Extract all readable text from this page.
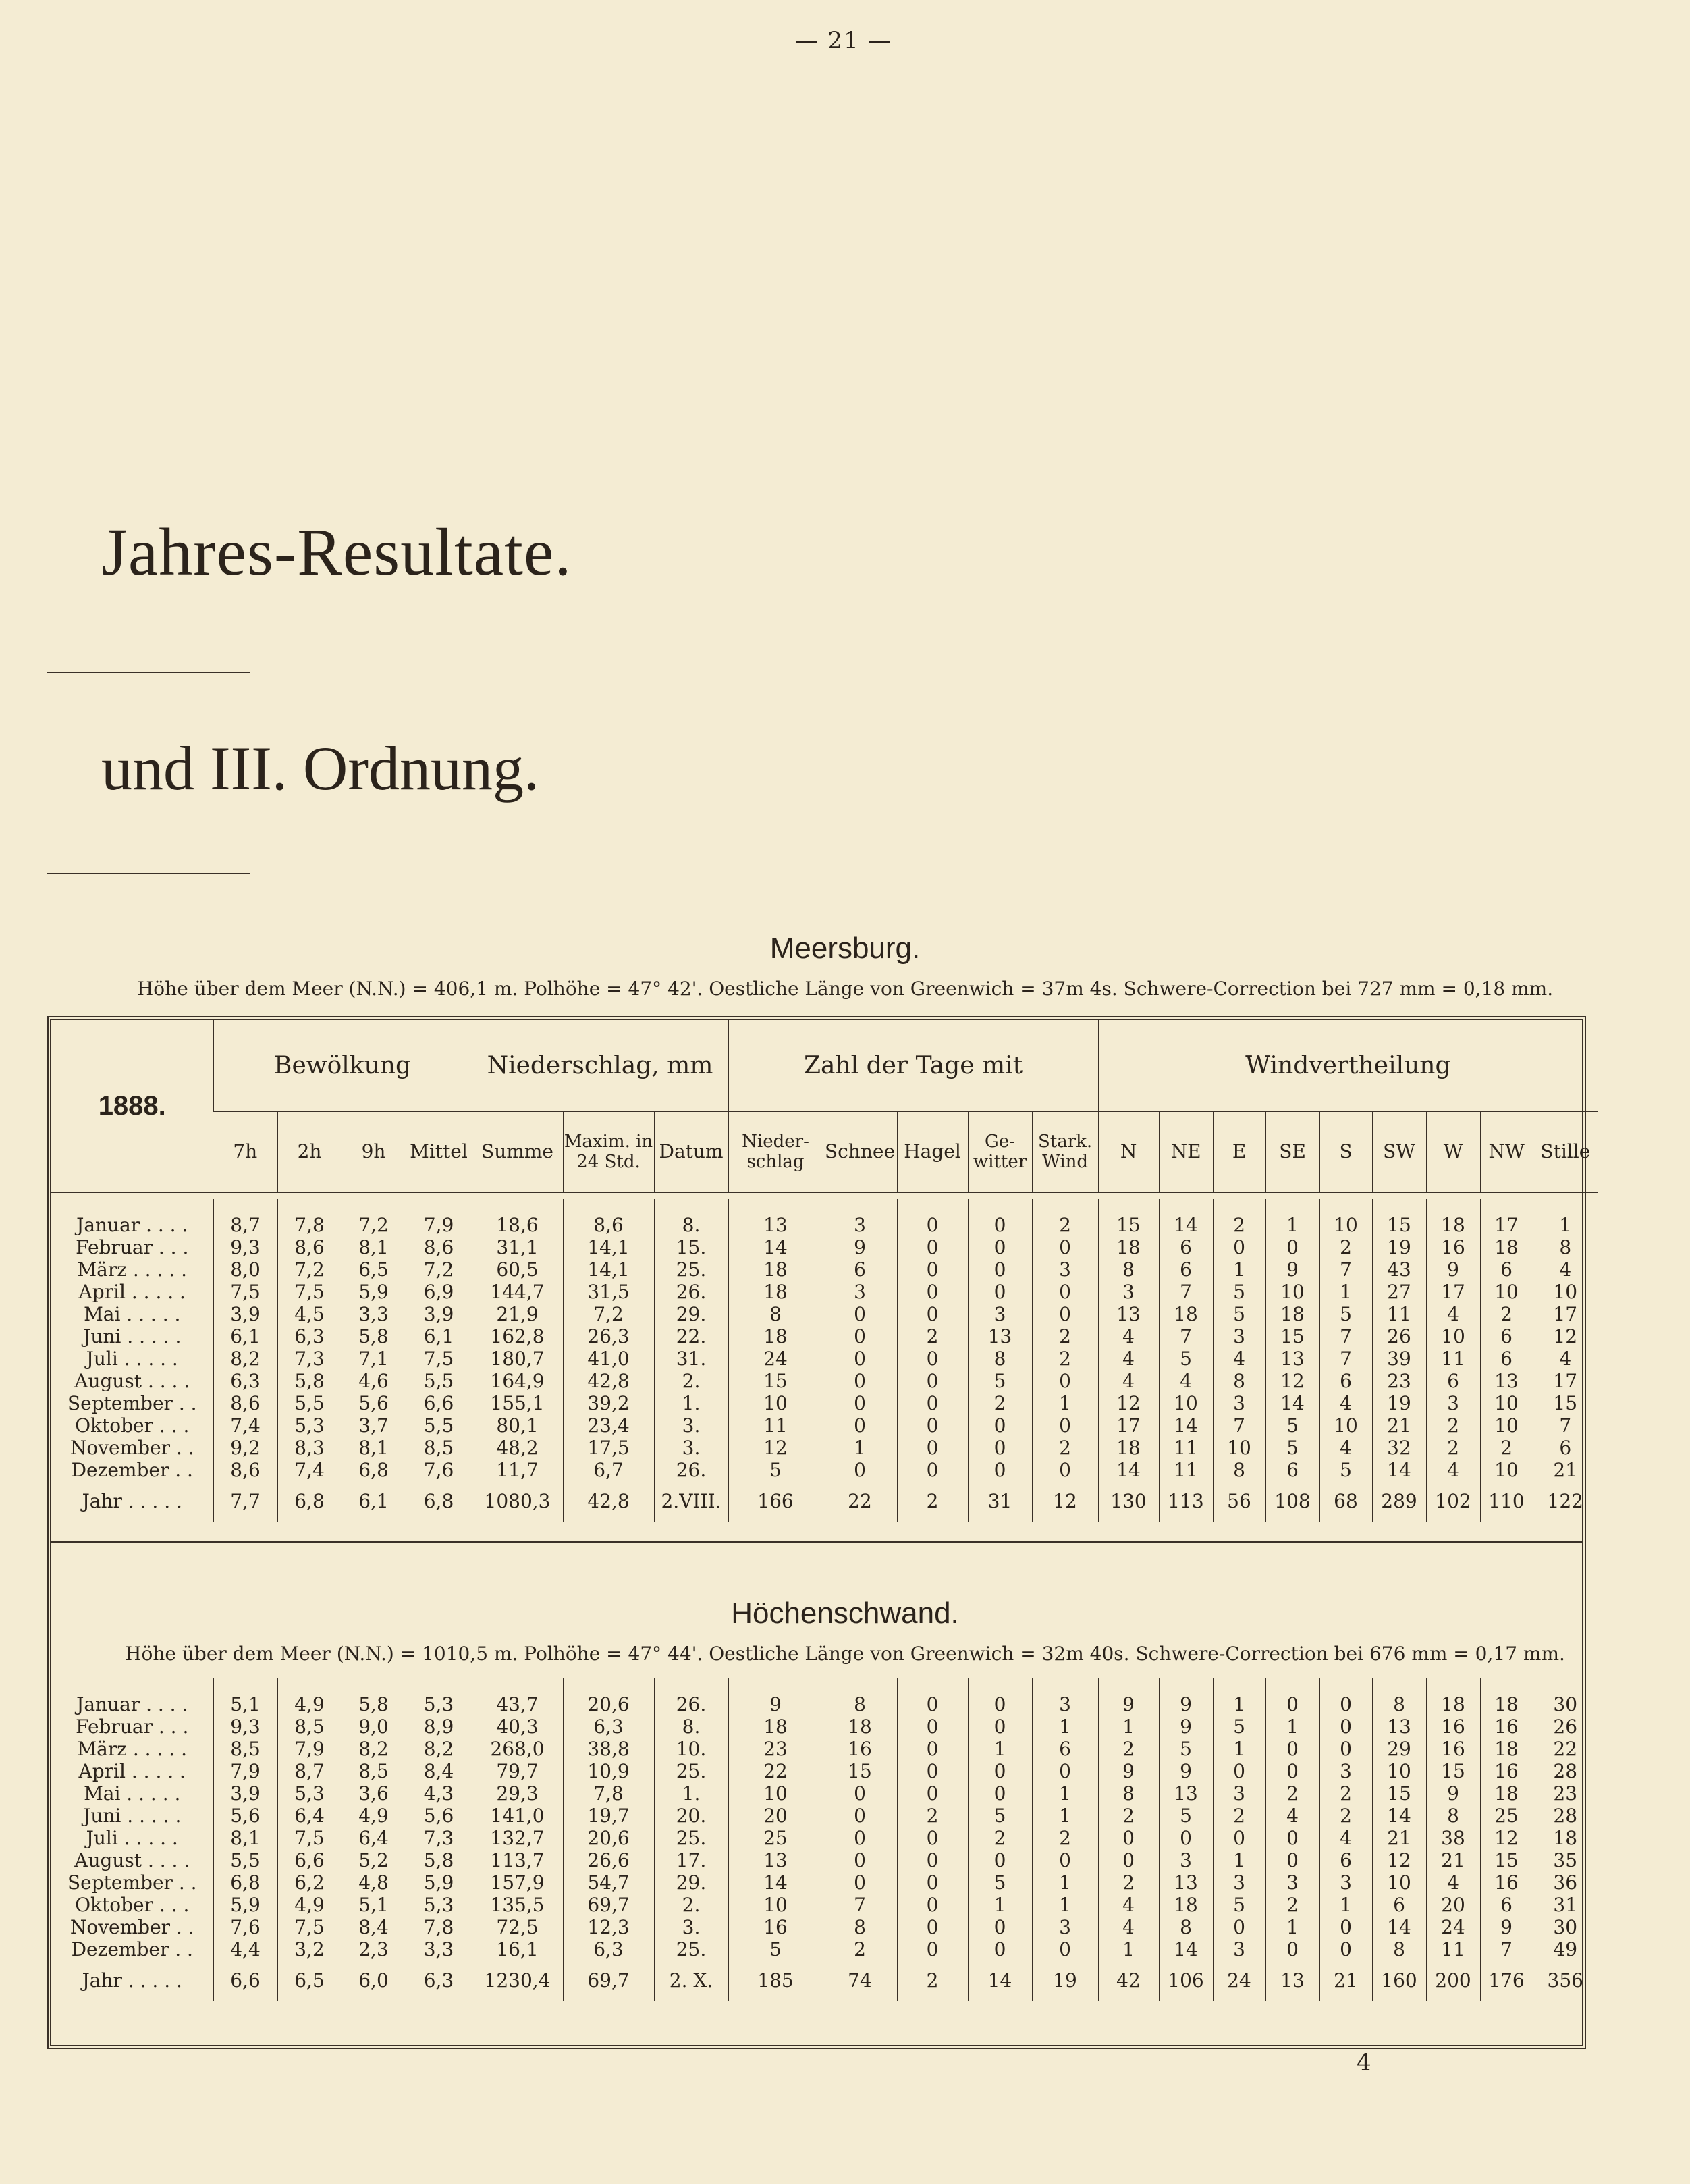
— 21 —
Jahres-Resultate.
und III. Ordnung.
Meersburg.
Höhe über dem Meer (N.N.) = 406,1 m. Polhöhe = 47° 42'. Oestliche Länge von Greenwich = 37m 4s. Schwere-Correction bei 727 mm = 0,18 mm.
1888.	Bewölkung				Niederschlag, mm			Zahl der Tage mit					Windvertheilung								
	7h	2h	9h	Mittel	Summe	Maxim. in 24 Std.	Datum	Nieder-schlag	Schnee	Hagel	Ge-witter	Stark. Wind	N	NE	E	SE	S	SW	W	NW	Stille

Januar . . . .	8,7	7,8	7,2	7,9	18,6	8,6	8.	13	3	0	0	2	15	14	2	1	10	15	18	17	1
Februar . . .	9,3	8,6	8,1	8,6	31,1	14,1	15.	14	9	0	0	0	18	6	0	0	2	19	16	18	8
März . . . . .	8,0	7,2	6,5	7,2	60,5	14,1	25.	18	6	0	0	3	8	6	1	9	7	43	9	6	4
April . . . . .	7,5	7,5	5,9	6,9	144,7	31,5	26.	18	3	0	0	0	3	7	5	10	1	27	17	10	10
Mai . . . . .	3,9	4,5	3,3	3,9	21,9	7,2	29.	8	0	0	3	0	13	18	5	18	5	11	4	2	17
Juni . . . . .	6,1	6,3	5,8	6,1	162,8	26,3	22.	18	0	2	13	2	4	7	3	15	7	26	10	6	12
Juli . . . . .	8,2	7,3	7,1	7,5	180,7	41,0	31.	24	0	0	8	2	4	5	4	13	7	39	11	6	4
August . . . .	6,3	5,8	4,6	5,5	164,9	42,8	2.	15	0	0	5	0	4	4	8	12	6	23	6	13	17
September . .	8,6	5,5	5,6	6,6	155,1	39,2	1.	10	0	0	2	1	12	10	3	14	4	19	3	10	15
Oktober . . .	7,4	5,3	3,7	5,5	80,1	23,4	3.	11	0	0	0	0	17	14	7	5	10	21	2	10	7
November . .	9,2	8,3	8,1	8,5	48,2	17,5	3.	12	1	0	0	2	18	11	10	5	4	32	2	2	6
Dezember . .	8,6	7,4	6,8	7,6	11,7	6,7	26.	5	0	0	0	0	14	11	8	6	5	14	4	10	21
Jahr . . . . .	7,7	6,8	6,1	6,8	1080,3	42,8	2.VIII.	166	22	2	31	12	130	113	56	108	68	289	102	110	122

Januar . . . .	5,1	4,9	5,8	5,3	43,7	20,6	26.	9	8	0	0	3	9	9	1	0	0	8	18	18	30
Februar . . .	9,3	8,5	9,0	8,9	40,3	6,3	8.	18	18	0	0	1	1	9	5	1	0	13	16	16	26
März . . . . .	8,5	7,9	8,2	8,2	268,0	38,8	10.	23	16	0	1	6	2	5	1	0	0	29	16	18	22
April . . . . .	7,9	8,7	8,5	8,4	79,7	10,9	25.	22	15	0	0	0	9	9	0	0	3	10	15	16	28
Mai . . . . .	3,9	5,3	3,6	4,3	29,3	7,8	1.	10	0	0	0	1	8	13	3	2	2	15	9	18	23
Juni . . . . .	5,6	6,4	4,9	5,6	141,0	19,7	20.	20	0	2	5	1	2	5	2	4	2	14	8	25	28
Juli . . . . .	8,1	7,5	6,4	7,3	132,7	20,6	25.	25	0	0	2	2	0	0	0	0	4	21	38	12	18
August . . . .	5,5	6,6	5,2	5,8	113,7	26,6	17.	13	0	0	0	0	0	3	1	0	6	12	21	15	35
September . .	6,8	6,2	4,8	5,9	157,9	54,7	29.	14	0	0	5	1	2	13	3	3	3	10	4	16	36
Oktober . . .	5,9	4,9	5,1	5,3	135,5	69,7	2.	10	7	0	1	1	4	18	5	2	1	6	20	6	31
November . .	7,6	7,5	8,4	7,8	72,5	12,3	3.	16	8	0	0	3	4	8	0	1	0	14	24	9	30
Dezember . .	4,4	3,2	2,3	3,3	16,1	6,3	25.	5	2	0	0	0	1	14	3	0	0	8	11	7	49
Jahr . . . . .	6,6	6,5	6,0	6,3	1230,4	69,7	2. X.	185	74	2	14	19	42	106	24	13	21	160	200	176	356
Höchenschwand.
Höhe über dem Meer (N.N.) = 1010,5 m. Polhöhe = 47° 44'. Oestliche Länge von Greenwich = 32m 40s. Schwere-Correction bei 676 mm = 0,17 mm.
4
